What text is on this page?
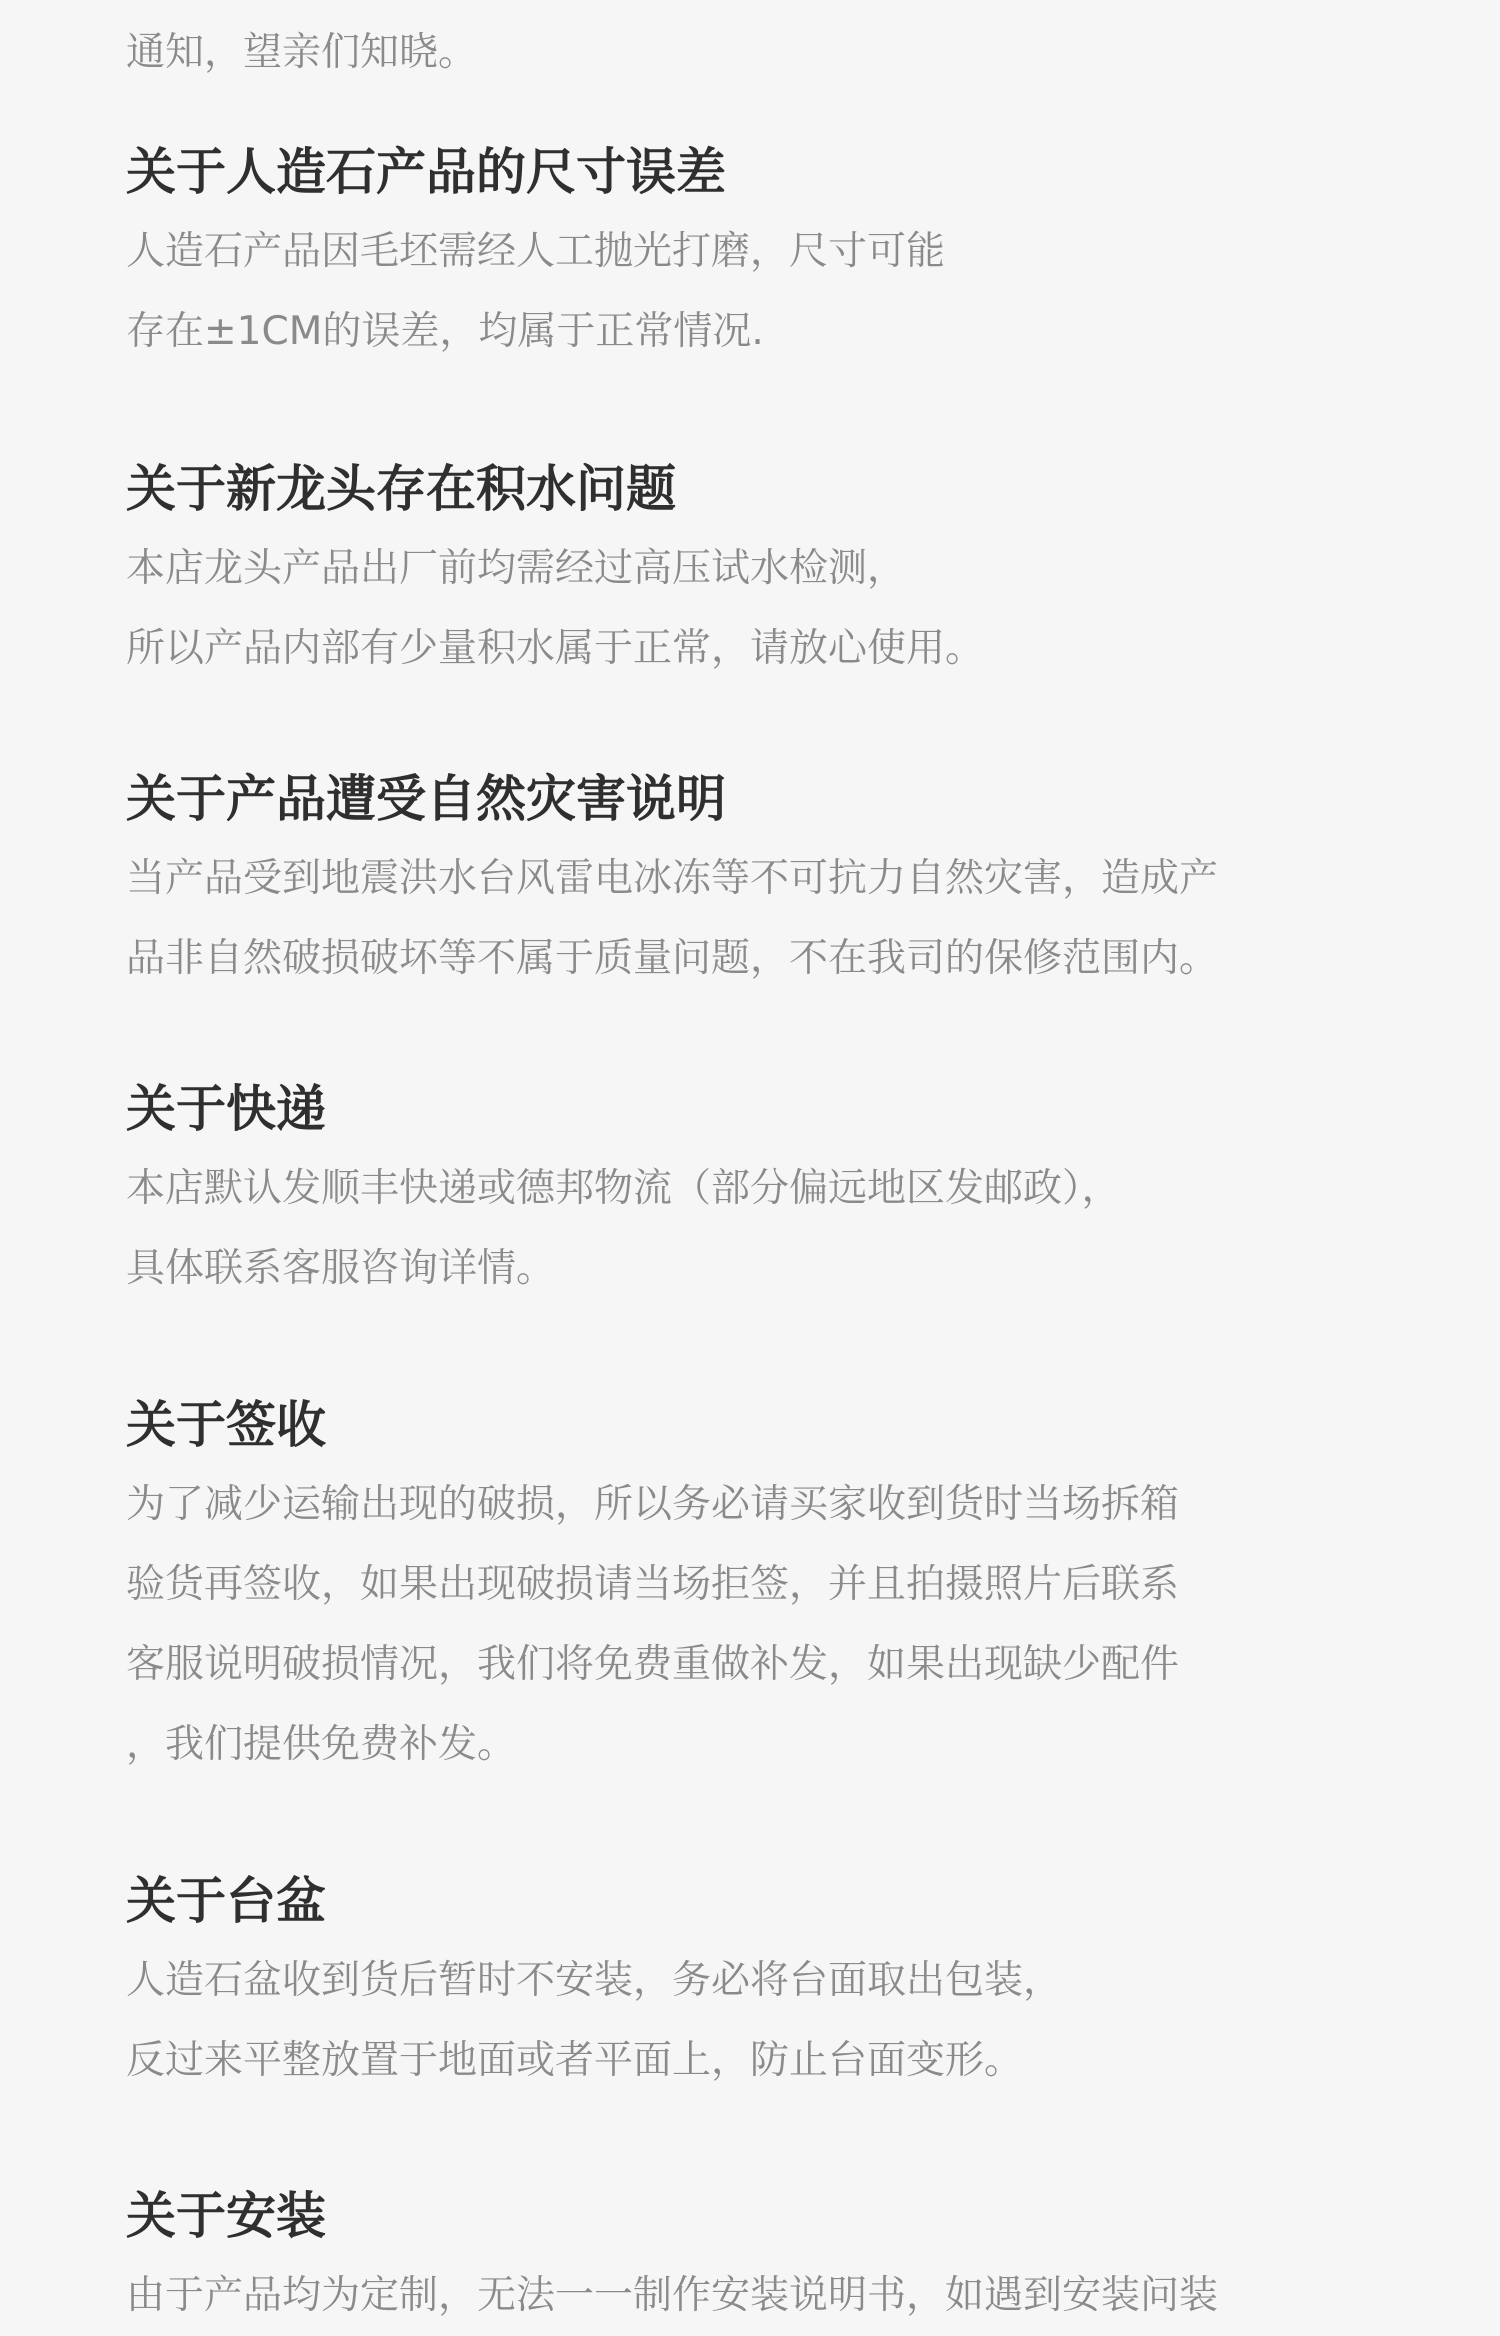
通知，望亲们知晓。

关于人造石产品的尺寸误差

人造石产品因毛坯需经人工抛光打磨，尺寸可能

存在±1CM的误差，均属于正常情况.

关于新龙头存在积水问题

本店龙头产品出厂前均需经过高压试水检测，

所以产品内部有少量积水属于正常，请放心使用。

关于产品遭受自然灾害说明

当产品受到地震洪水台风雷电冰冻等不可抗力自然灾害，造成产

品非自然破损破坏等不属于质量问题，不在我司的保修范围内。

关于快递

本店默认发顺丰快递或德邦物流（部分偏远地区发邮政），

具体联系客服咨询详情。

关于签收

为了减少运输出现的破损，所以务必请买家收到货时当场拆箱

验货再签收，如果出现破损请当场拒签，并且拍摄照片后联系

客服说明破损情况，我们将免费重做补发，如果出现缺少配件

，我们提供免费补发。

关于台盆

人造石盆收到货后暂时不安装，务必将台面取出包装，

反过来平整放置于地面或者平面上，防止台面变形。

关于安装

由于产品均为定制，无法一一制作安装说明书，如遇到安装问装
